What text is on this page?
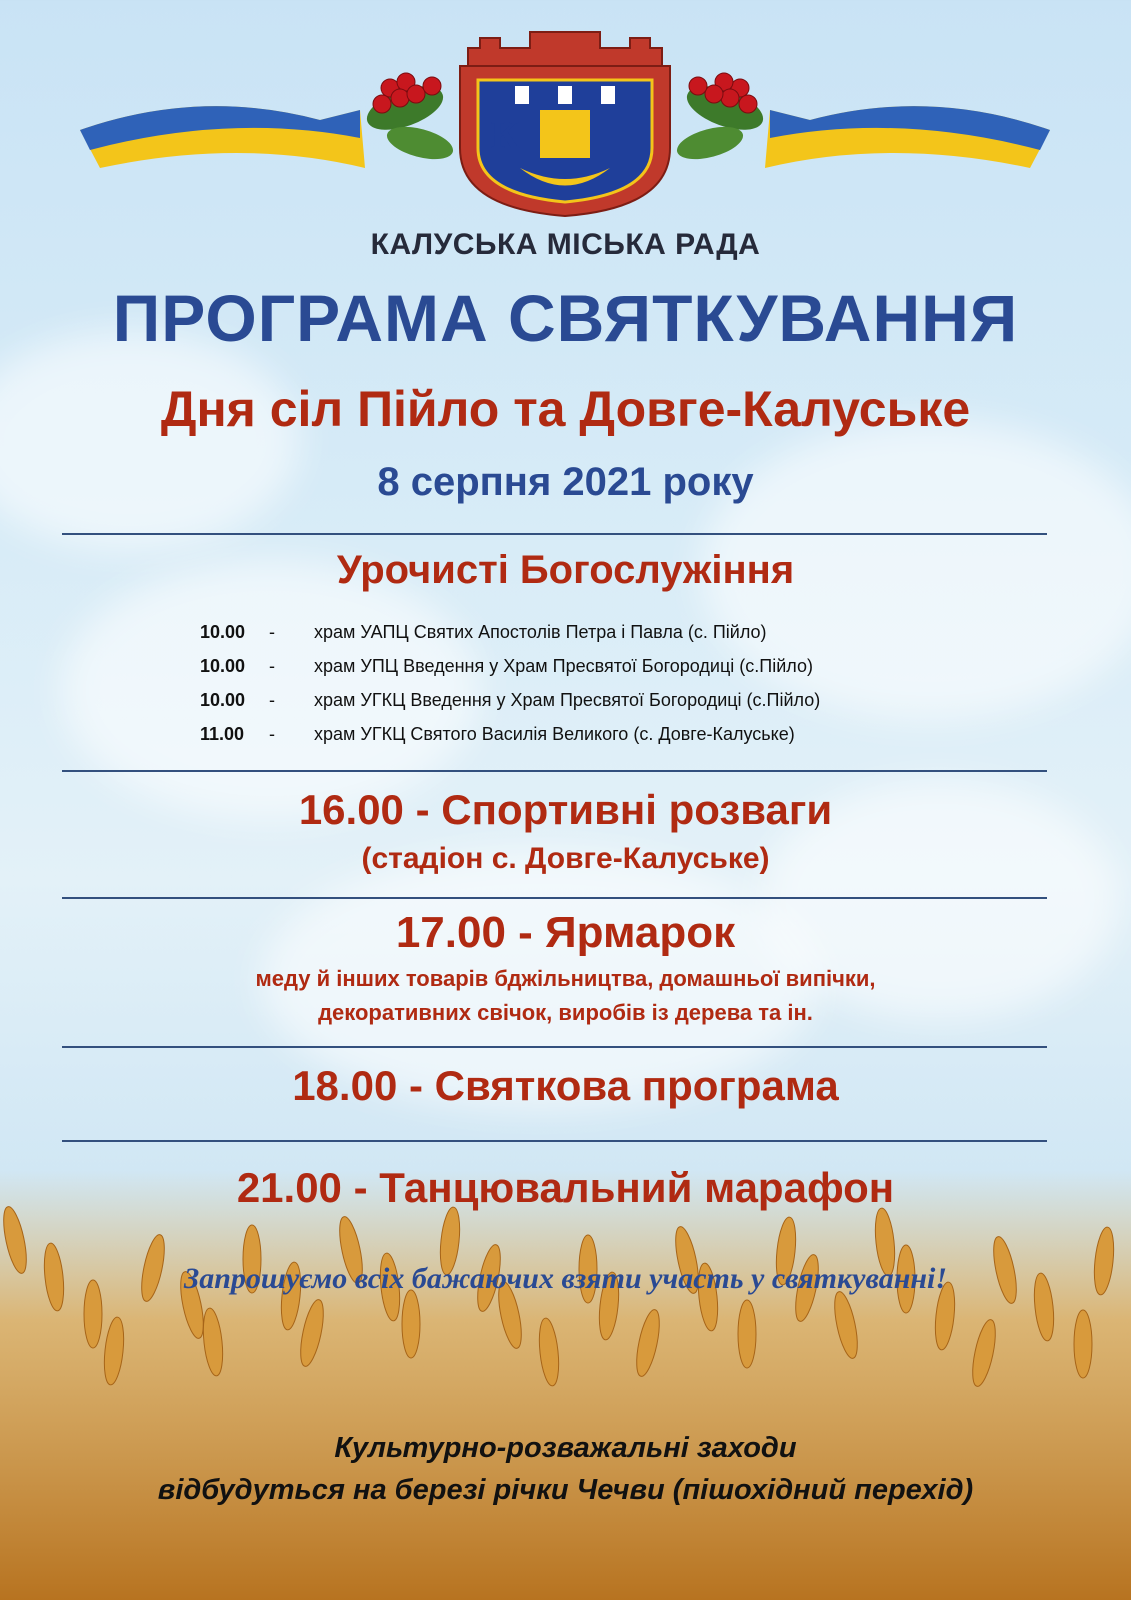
К
КАЛУСЬКА МІСЬКА РАДА
ПРОГРАМА СВЯТКУВАННЯ
Дня сіл Пійло та Довге-Калуське
8 серпня 2021 року
Урочисті Богослужіння
10.00 - храм УАПЦ Святих Апостолів Петра і Павла (с. Пійло)
10.00 - храм УПЦ Введення у Храм Пресвятої Богородиці (с.Пійло)
10.00 - храм УГКЦ Введення у Храм Пресвятої Богородиці (с.Пійло)
11.00 - храм УГКЦ Святого Василія Великого (с. Довге-Калуське)
16.00 - Спортивні розваги
(стадіон с. Довге-Калуське)
17.00 - Ярмарок
меду й інших товарів бджільництва, домашньої випічки,
декоративних свічок, виробів із дерева та ін.
18.00 - Святкова програма
21.00 - Танцювальний марафон
Запрошуємо всіх бажаючих взяти участь у святкуванні!
Культурно-розважальні заходи
відбудуться на березі річки Чечви (пішохідний перехід)
